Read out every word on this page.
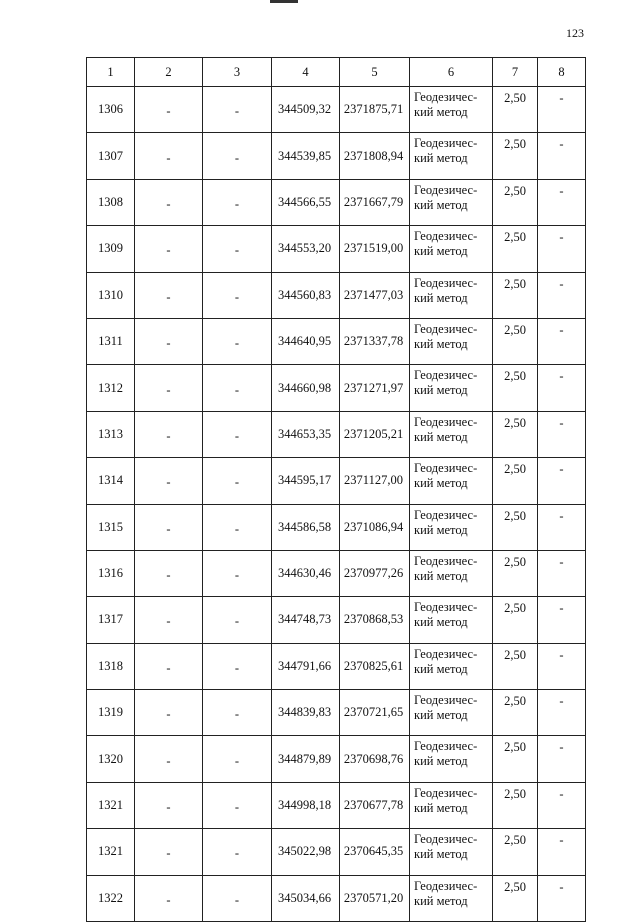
123
1	2	3	4	5	6	7	8
1306	-	-	344509,32	2371875,71	Геодезичес-
кий метод	2,50	-
1307	-	-	344539,85	2371808,94	Геодезичес-
кий метод	2,50	-
1308	-	-	344566,55	2371667,79	Геодезичес-
кий метод	2,50	-
1309	-	-	344553,20	2371519,00	Геодезичес-
кий метод	2,50	-
1310	-	-	344560,83	2371477,03	Геодезичес-
кий метод	2,50	-
1311	-	-	344640,95	2371337,78	Геодезичес-
кий метод	2,50	-
1312	-	-	344660,98	2371271,97	Геодезичес-
кий метод	2,50	-
1313	-	-	344653,35	2371205,21	Геодезичес-
кий метод	2,50	-
1314	-	-	344595,17	2371127,00	Геодезичес-
кий метод	2,50	-
1315	-	-	344586,58	2371086,94	Геодезичес-
кий метод	2,50	-
1316	-	-	344630,46	2370977,26	Геодезичес-
кий метод	2,50	-
1317	-	-	344748,73	2370868,53	Геодезичес-
кий метод	2,50	-
1318	-	-	344791,66	2370825,61	Геодезичес-
кий метод	2,50	-
1319	-	-	344839,83	2370721,65	Геодезичес-
кий метод	2,50	-
1320	-	-	344879,89	2370698,76	Геодезичес-
кий метод	2,50	-
1321	-	-	344998,18	2370677,78	Геодезичес-
кий метод	2,50	-
1321	-	-	345022,98	2370645,35	Геодезичес-
кий метод	2,50	-
1322	-	-	345034,66	2370571,20	Геодезичес-
кий метод	2,50	-
